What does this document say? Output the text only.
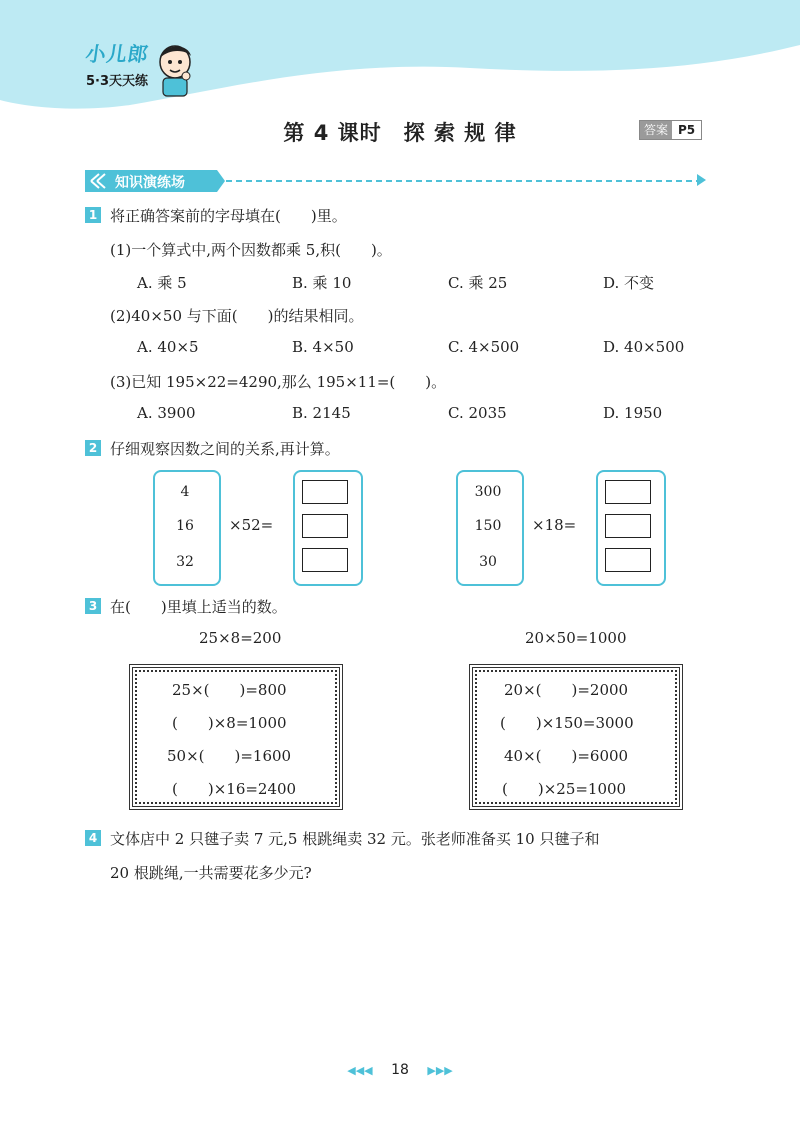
小儿郎
5·3天天练
第 4 课时　探 索 规 律	答案 P5
知识演练场
1 将正确答案前的字母填在(　　)里。
(1)一个算式中,两个因数都乘 5,积(　　)。
A. 乘 5	B. 乘 10	C. 乘 25	D. 不变
(2)40×50 与下面(　　)的结果相同。
A. 40×5	B. 4×50	C. 4×500	D. 40×500
(3)已知 195×22=4290,那么 195×11=(　　)。
A. 3900	B. 2145	C. 2035	D. 1950
2 仔细观察因数之间的关系,再计算。
4
16
32
×52=
300
150
30
×18=
3 在(　　)里填上适当的数。
25×8=200	20×50=1000
25×(　　)=800
(　　)×8=1000
50×(　　)=1600
(　　)×16=2400
20×(　　)=2000
(　　)×150=3000
40×(　　)=6000
(　　)×25=1000
4 文体店中 2 只毽子卖 7 元,5 根跳绳卖 32 元。张老师准备买 10 只毽子和
20 根跳绳,一共需要花多少元?
◀◀◀ 18 ▶▶▶
